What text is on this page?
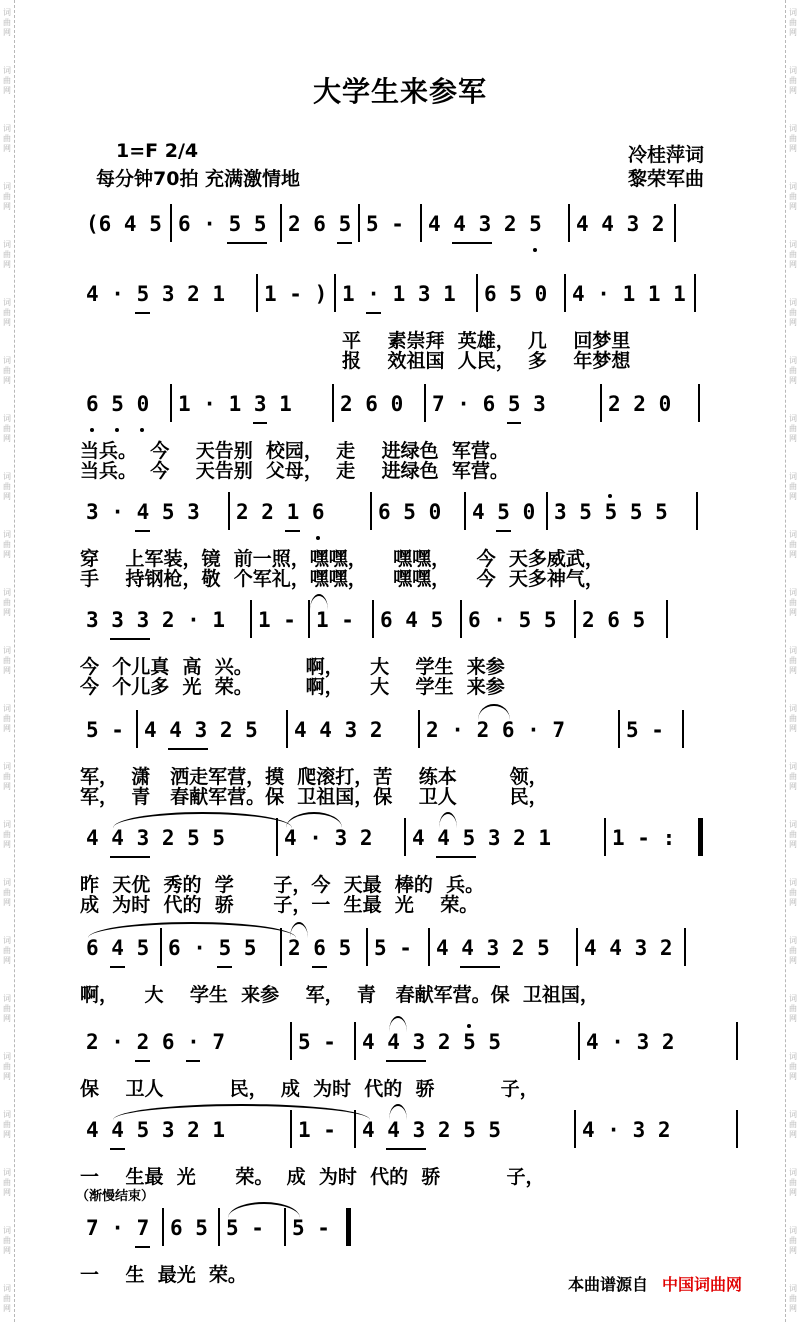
词曲网
词曲网
词曲网
词曲网
词曲网
词曲网
词曲网
词曲网
词曲网
词曲网
词曲网
词曲网
词曲网
词曲网
词曲网
词曲网
词曲网
词曲网
词曲网
词曲网
词曲网
词曲网
词曲网
词曲网
词曲网
词曲网
词曲网
词曲网
词曲网
词曲网
词曲网
词曲网
词曲网
词曲网
词曲网
词曲网
词曲网
词曲网
词曲网
词曲网
词曲网
词曲网
词曲网
词曲网
词曲网
词曲网
大学生来参军
1=F 2/4
每分钟70拍 充满激情地
冷桂萍词
黎荣军曲
(6 4 5 6 · 5 5 2 6 5 5 - 4 4 3 2 5 4 4 3 2
4 · 5 3 2 1 1 - ) 1 · 1 3 1 6 5 0 4 · 1 1 1
平    素崇拜  英雄，  几    回梦里
报    效祖国  人民，  多    年梦想
6 5 0 1 · 1 3 1 2 6 0 7 · 6 5 3	2 2 0
当兵。  今    天告别  校园，  走    进绿色  军营。
当兵。  今    天告别  父母，  走    进绿色  军营。
3 · 4 5 3 2 2 1 6	6 5 0 4 5 0 3 5 5 5 5
穿    上军装，镜  前一照，嘿嘿，    嘿嘿，    今  天多威武，
手    持钢枪，敬  个军礼，嘿嘿，    嘿嘿，    今  天多神气，
3 3 3 2 · 1 1 - 1 - 6 4 5 6 · 5 5 2 6 5
今  个儿真  高  兴。        啊，    大    学生  来参
今  个儿多  光  荣。        啊，    大    学生  来参
5 - 4 4 3 2 5 4 4 3 2 2 · 2 6 · 7	5 -
军，  潇   洒走军营，摸  爬滚打，苦    练本        领，
军，  青   春献军营。保  卫祖国，保    卫人        民，
4 4 3 2 5 5	4 · 3 2 4 4 5 3 2 1	1 - :
昨  天优  秀的  学      子，今  天最  棒的  兵。
成  为时  代的  骄      子，一  生最  光    荣。
6 4 5 6 · 5 5 2 6 5 5 - 4 4 3 2 5 4 4 3 2
啊，    大    学生  来参    军，  青   春献军营。保  卫祖国，
2 · 2 6 · 7	5 - 4 4 3 2 5 5	4 · 3 2
保    卫人          民，  成  为时  代的  骄          子，
4 4 5 3 2 1	1 - 4 4 3 2 5 5	4 · 3 2
一    生最  光      荣。  成  为时  代的  骄          子，
7 · 7 6 5 5 - 5 -
一    生  最光  荣。
（渐慢结束）
本曲谱源自 中国词曲网
